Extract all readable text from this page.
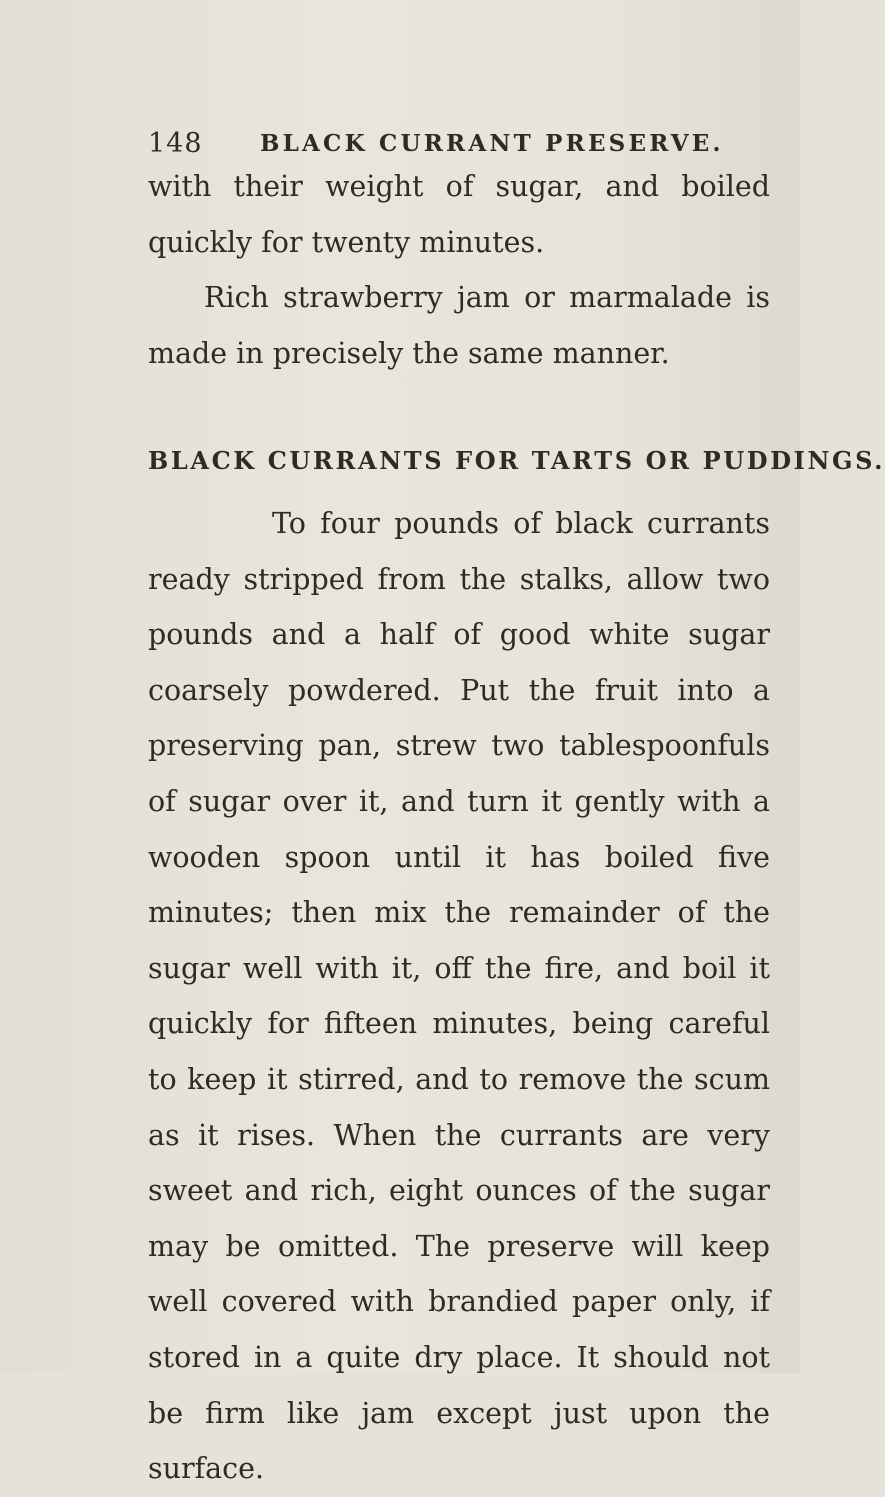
148 BLACK CURRANT PRESERVE.

with their weight of sugar, and boiled quickly for twenty minutes.

Rich strawberry jam or marmalade is made in precisely the same manner.

BLACK CURRANTS FOR TARTS OR PUDDINGS.

To four pounds of black currants ready stripped from the stalks, allow two pounds and a half of good white sugar coarsely powdered. Put the fruit into a preserving pan, strew two tablespoonfuls of sugar over it, and turn it gently with a wooden spoon until it has boiled five minutes; then mix the remainder of the sugar well with it, off the fire, and boil it quickly for fifteen minutes, being careful to keep it stirred, and to remove the scum as it rises. When the currants are very sweet and rich, eight ounces of the sugar may be omitted. The preserve will keep well covered with brandied paper only, if stored in a quite dry place. It should not be firm like jam except just upon the surface.
